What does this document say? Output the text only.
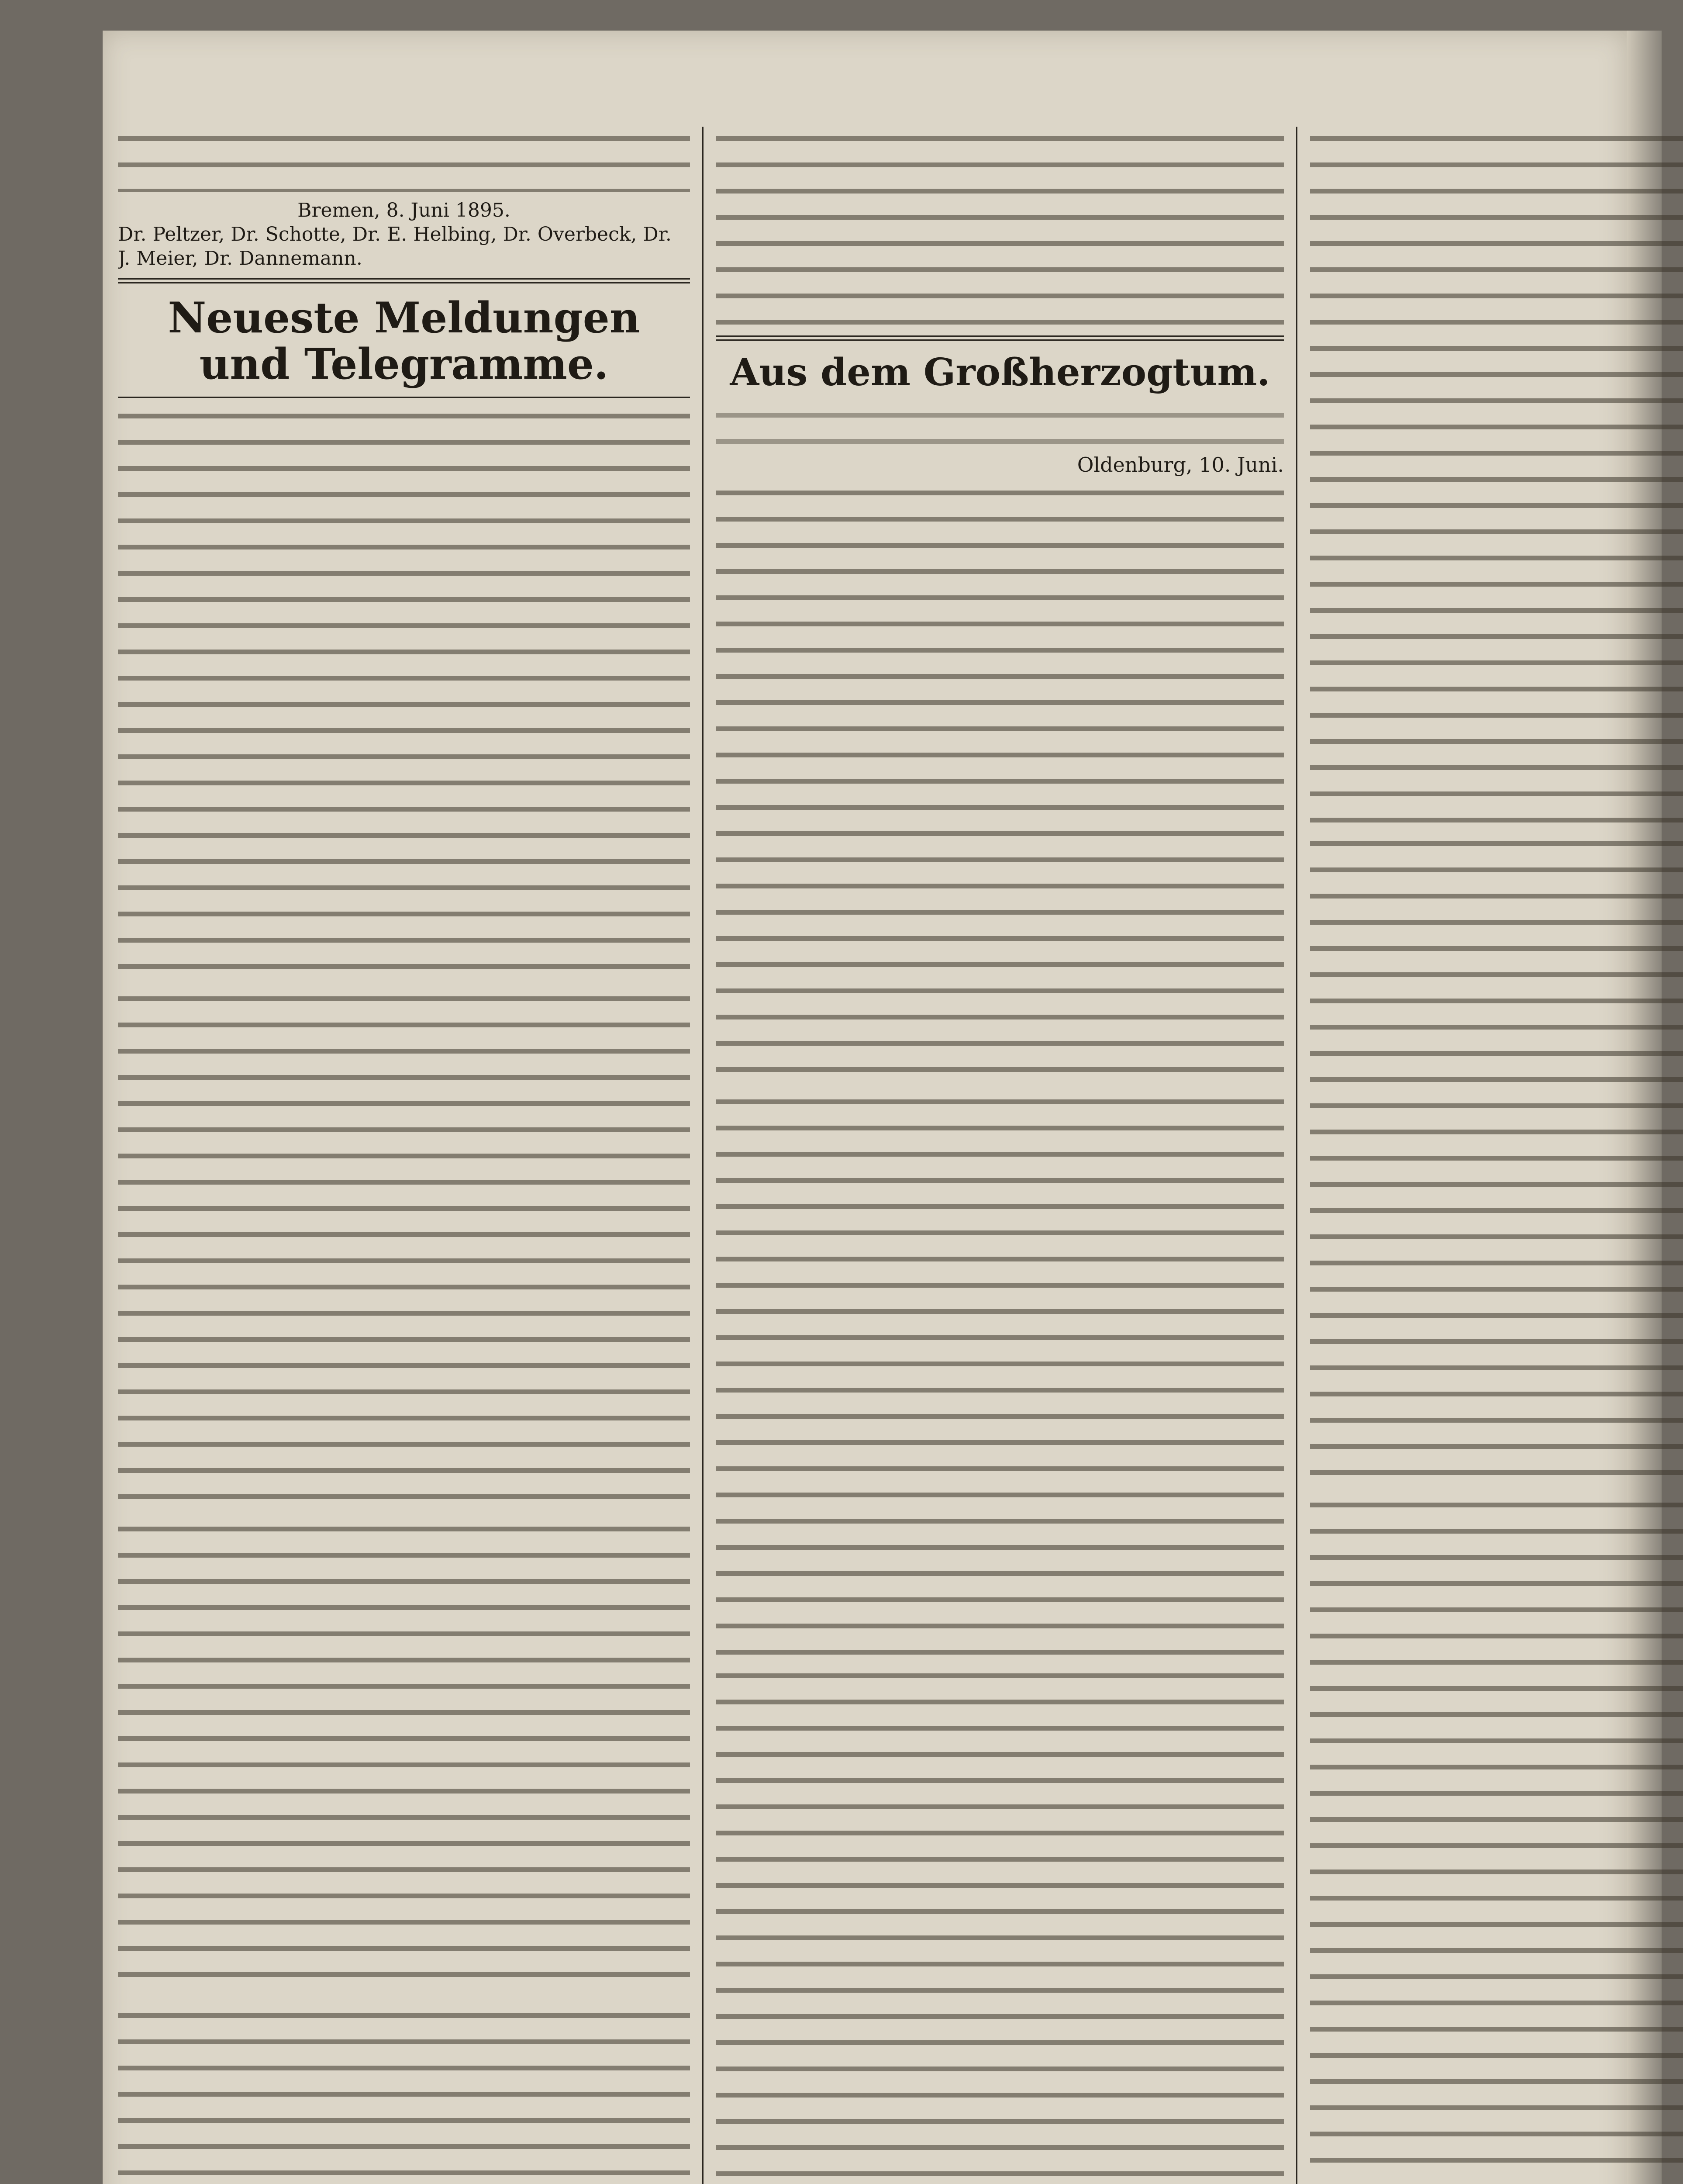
Bremen, 8. Juni 1895.
Dr. Peltzer, Dr. Schotte, Dr. E. Helbing, Dr. Overbeck, Dr. J. Meier, Dr. Dannemann.
Neueste Meldungen und Telegramme.	Aus dem Großherzogtum.
Oldenburg, 10. Juni.
